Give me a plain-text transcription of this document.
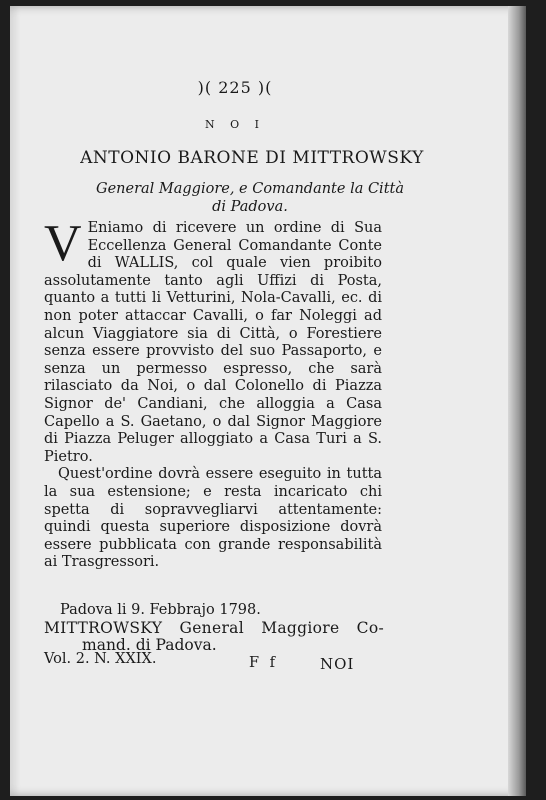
)( 225 )(
N O I
ANTONIO BARONE DI MITTROWSKY
General Maggiore, e Comandante la Città
di Padova.

V Eniamo di ricevere un ordine di Sua Eccellenza General Comandante Conte di WALLIS, col quale vien proibito assolutamente tanto agli Uffizi di Posta, quanto a tutti li Vetturini, Nola-Cavalli, ec. di non poter attaccar Cavalli, o far Noleggi ad alcun Viaggiatore sia di Città, o Forestiere senza essere provvisto del suo Passaporto, e senza un permesso espresso, che sarà rilasciato da Noi, o dal Colonello di Piazza Signor de' Candiani, che alloggia a Casa Capello a S. Gaetano, o dal Signor Maggiore di Piazza Peluger alloggiato a Casa Turi a S. Pietro.

Quest'ordine dovrà essere eseguito in tutta la sua estensione; e resta incaricato chi spetta di sopravvegliarvi attentamente: quindi questa superiore disposizione dovrà essere pubblicata con grande responsabilità ai Trasgressori.

Padova li 9. Febbrajo 1798.
MITTROWSKY General Maggiore Co-
mand. di Padova.
Vol. 2. N. XXIX.	F f	NOI
